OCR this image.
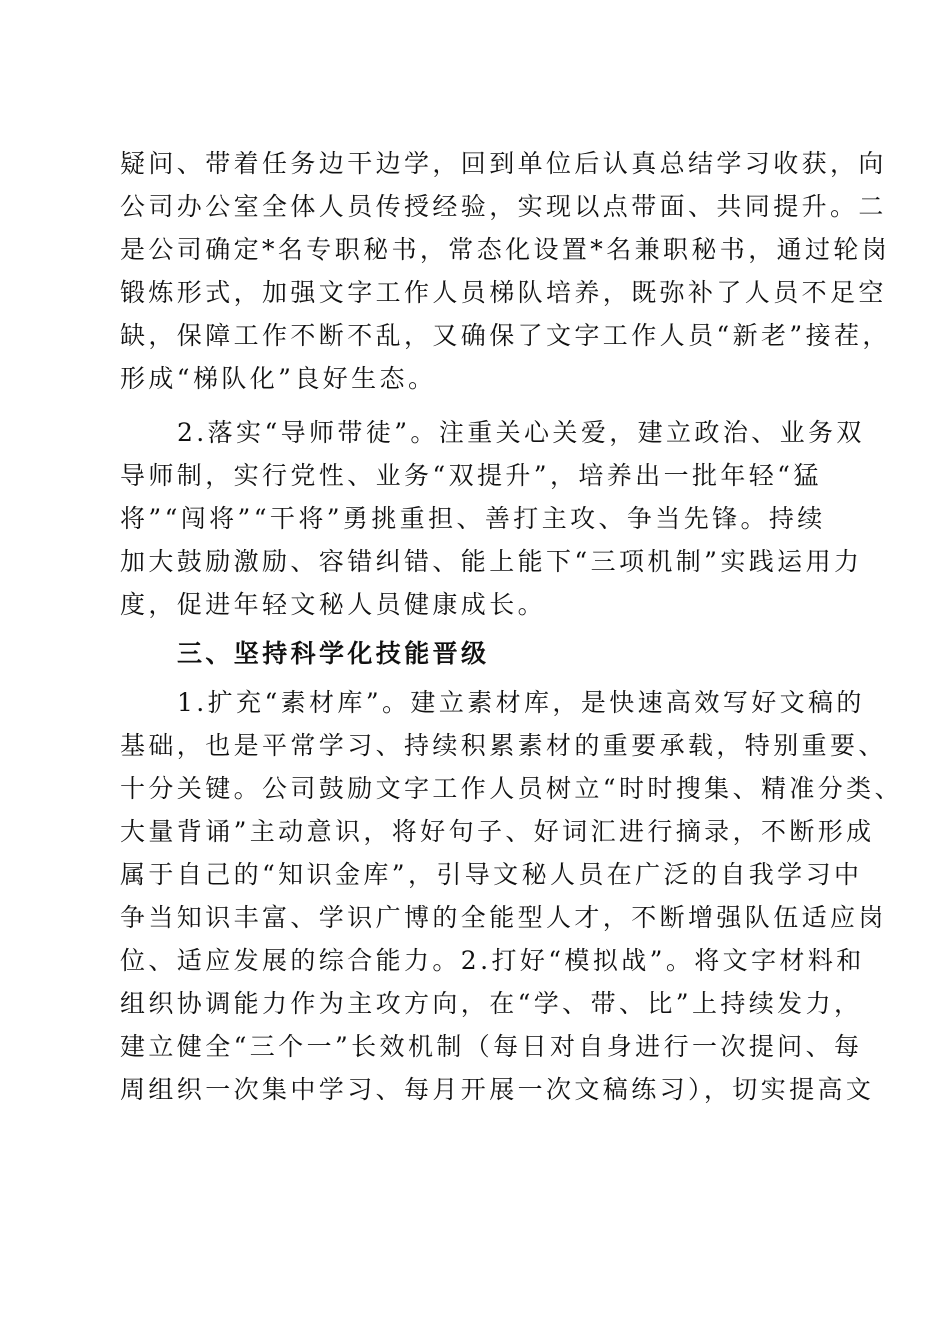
疑问、带着任务边干边学，回到单位后认真总结学习收获，向
公司办公室全体人员传授经验，实现以点带面、共同提升。二
是公司确定*名专职秘书，常态化设置*名兼职秘书，通过轮岗
锻炼形式，加强文字工作人员梯队培养，既弥补了人员不足空
缺，保障工作不断不乱，又确保了文字工作人员“新老”接茬，
形成“梯队化”良好生态。
2.落实“导师带徒”。注重关心关爱，建立政治、业务双
导师制，实行党性、业务“双提升”，培养出一批年轻“猛
将”“闯将”“干将”勇挑重担、善打主攻、争当先锋。持续
加大鼓励激励、容错纠错、能上能下“三项机制”实践运用力
度，促进年轻文秘人员健康成长。
三、坚持科学化技能晋级
1.扩充“素材库”。建立素材库，是快速高效写好文稿的
基础，也是平常学习、持续积累素材的重要承载，特别重要、
十分关键。公司鼓励文字工作人员树立“时时搜集、精准分类、
大量背诵”主动意识，将好句子、好词汇进行摘录，不断形成
属于自己的“知识金库”，引导文秘人员在广泛的自我学习中
争当知识丰富、学识广博的全能型人才，不断增强队伍适应岗
位、适应发展的综合能力。2.打好“模拟战”。将文字材料和
组织协调能力作为主攻方向，在“学、带、比”上持续发力，
建立健全“三个一”长效机制（每日对自身进行一次提问、每
周组织一次集中学习、每月开展一次文稿练习），切实提高文
